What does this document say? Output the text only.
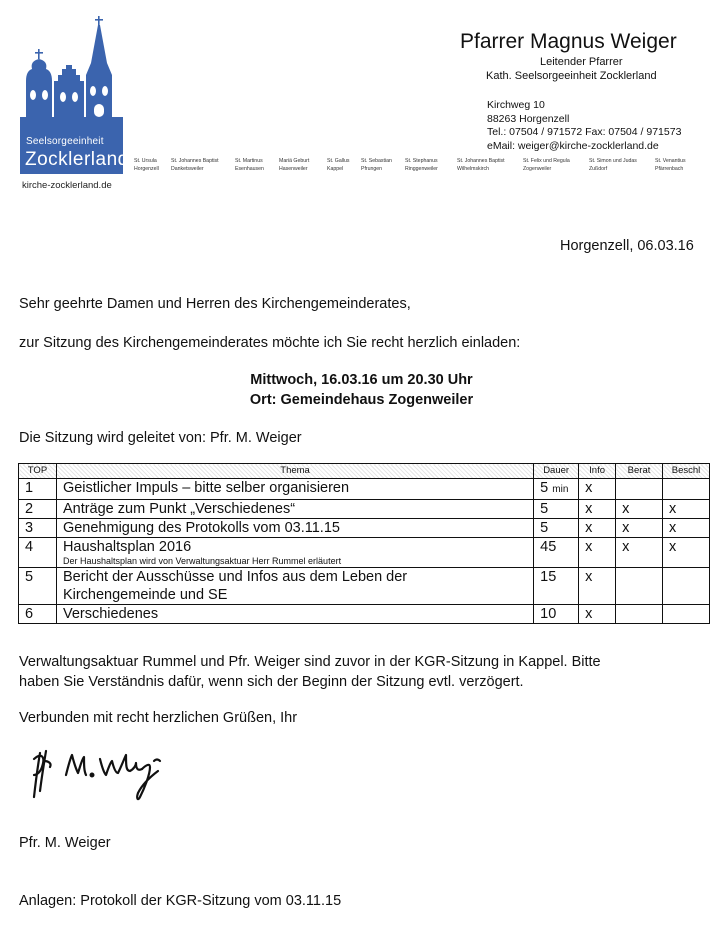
Seelsorgeeinheit
Zocklerland
kirche-zocklerland.de
Pfarrer Magnus Weiger
Leitender Pfarrer
Kath. Seelsorgeeinheit Zocklerland
Kirchweg 10
88263 Horgenzell
Tel.: 07504 / 971572 Fax: 07504 / 971573
eMail: weiger@kirche-zocklerland.de
St. Ursula
Horgenzell
St. Johannes Baptist
Danketsweiler
St. Martinus
Esenhausen
Mariä Geburt
Hasenweiler
St. Gallus
Kappel
St. Sebastian
Pfrungen
St. Stephanus
Ringgenweiler
St. Johannes Baptist
Wilhelmskirch
St. Felix und Regula
Zogenweiler
St. Simon und Judas
Zußdorf
St. Venantius
Pfärrenbach
Horgenzell, 06.03.16
Sehr geehrte Damen und Herren des Kirchengemeinderates,
zur Sitzung des Kirchengemeinderates möchte ich Sie recht herzlich einladen:
Mittwoch, 16.03.16 um 20.30 Uhr
Ort: Gemeindehaus Zogenweiler
Die Sitzung wird geleitet von: Pfr. M. Weiger
TOP	Thema	Dauer	Info	Berat	Beschl
1	Geistlicher Impuls – bitte selber organisieren	5 min	x		
2	Anträge zum Punkt „Verschiedenes“	5	x	x	x
3	Genehmigung des Protokolls vom 03.11.15	5	x	x	x
4	Haushaltsplan 2016
Der Haushaltsplan wird von Verwaltungsaktuar Herr Rummel erläutert	45	x	x	x
5	Bericht der Ausschüsse und Infos aus dem Leben der
Kirchengemeinde und SE	15	x		
6	Verschiedenes	10	x		
Verwaltungsaktuar Rummel und Pfr. Weiger sind zuvor in der KGR-Sitzung in Kappel. Bitte
haben Sie Verständnis dafür, wenn sich der Beginn der Sitzung evtl. verzögert.
Verbunden mit recht herzlichen Grüßen, Ihr
Pfr. M. Weiger
Anlagen: Protokoll der KGR-Sitzung vom 03.11.15
